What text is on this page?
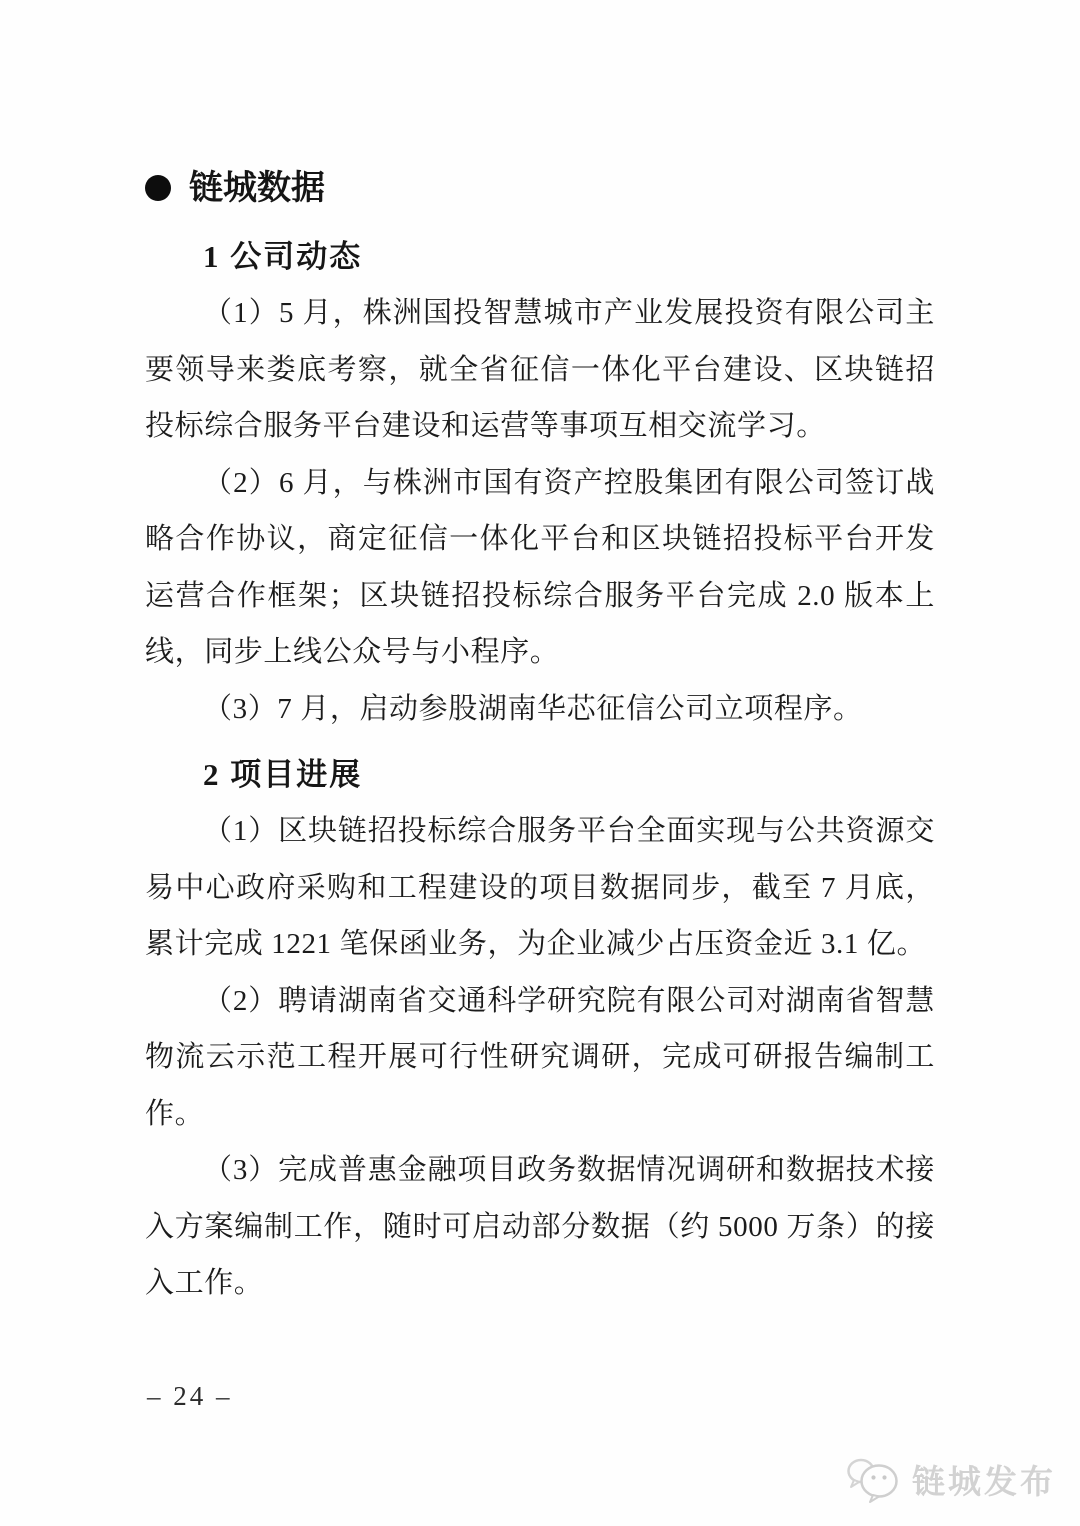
链城数据
1 公司动态

（1）5 月，株洲国投智慧城市产业发展投资有限公司主要领导来娄底考察，就全省征信一体化平台建设、区块链招投标综合服务平台建设和运营等事项互相交流学习。

（2）6 月，与株洲市国有资产控股集团有限公司签订战略合作协议，商定征信一体化平台和区块链招投标平台开发运营合作框架；区块链招投标综合服务平台完成 2.0 版本上线，同步上线公众号与小程序。

（3）7 月，启动参股湖南华芯征信公司立项程序。

2 项目进展

（1）区块链招投标综合服务平台全面实现与公共资源交易中心政府采购和工程建设的项目数据同步，截至 7 月底，累计完成 1221 笔保函业务，为企业减少占压资金近 3.1 亿。

（2）聘请湖南省交通科学研究院有限公司对湖南省智慧物流云示范工程开展可行性研究调研，完成可研报告编制工作。

（3）完成普惠金融项目政务数据情况调研和数据技术接入方案编制工作，随时可启动部分数据（约 5000 万条）的接入工作。

– 24 –
链城发布
